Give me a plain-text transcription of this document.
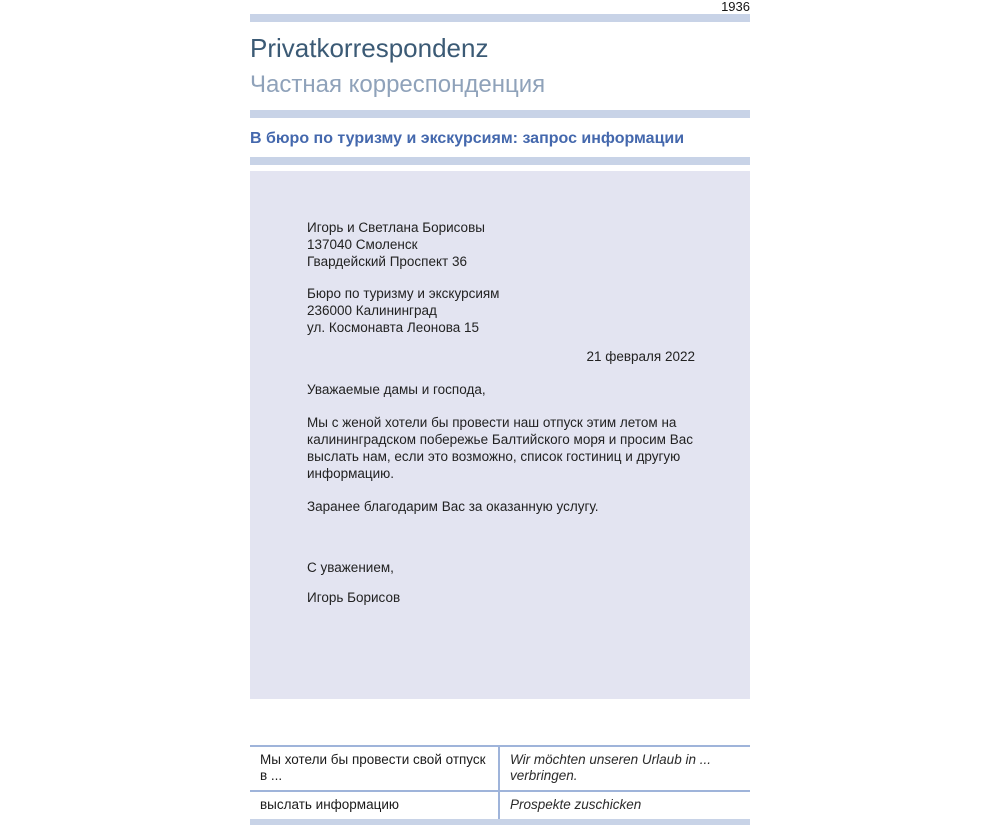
1936
Privatkorrespondenz
Частная корреспонденция
В бюро по туризму и экскурсиям: запрос информации
Игорь и Светлана Борисовы
137040 Смоленск
Гвардейский Проспект 36
Бюро по туризму и экскурсиям
236000 Калининград
ул. Космонавта Леонова 15
21 февраля 2022
Уважаемые дамы и господа,

Мы с женой хотели бы провести наш отпуск этим летом на калининградском побережье Балтийского моря и просим Вас выслать нам, если это возможно, список гостиниц и другую информацию.

Заранее благодарим Вас за оказанную услугу.

С уважением,
Игорь Борисов
Мы хотели бы провести свой отпуск в ...
Wir möchten unseren Urlaub in ... verbringen.
выслать информацию	Prospekte zuschicken
